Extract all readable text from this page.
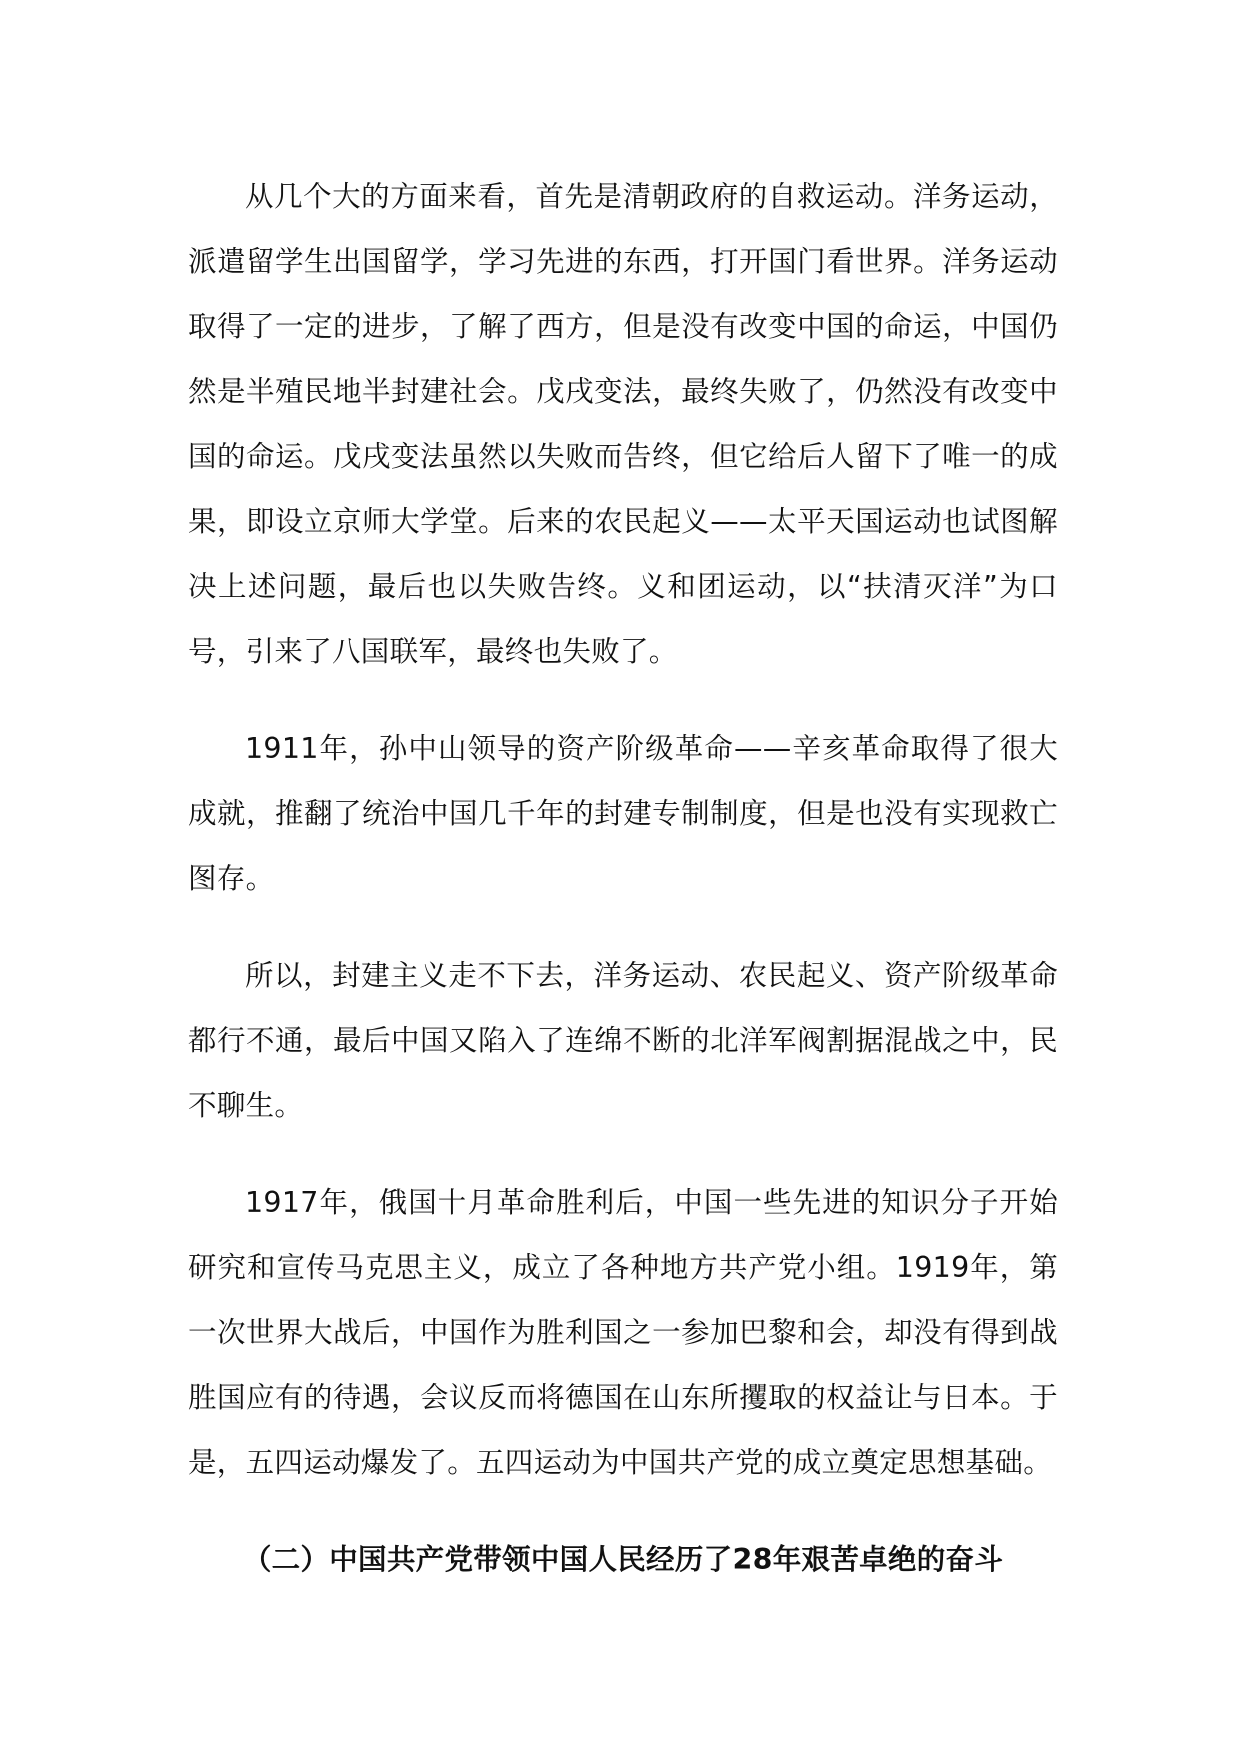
从几个大的方面来看，首先是清朝政府的自救运动。洋务运动，派遣留学生出国留学，学习先进的东西，打开国门看世界。洋务运动取得了一定的进步，了解了西方，但是没有改变中国的命运，中国仍然是半殖民地半封建社会。戊戌变法，最终失败了，仍然没有改变中国的命运。戊戌变法虽然以失败而告终，但它给后人留下了唯一的成果，即设立京师大学堂。后来的农民起义——太平天国运动也试图解决上述问题，最后也以失败告终。义和团运动，以“扶清灭洋”为口号，引来了八国联军，最终也失败了。

1911年，孙中山领导的资产阶级革命——辛亥革命取得了很大成就，推翻了统治中国几千年的封建专制制度，但是也没有实现救亡图存。

所以，封建主义走不下去，洋务运动、农民起义、资产阶级革命都行不通，最后中国又陷入了连绵不断的北洋军阀割据混战之中，民不聊生。

1917年，俄国十月革命胜利后，中国一些先进的知识分子开始研究和宣传马克思主义，成立了各种地方共产党小组。1919年，第一次世界大战后，中国作为胜利国之一参加巴黎和会，却没有得到战胜国应有的待遇，会议反而将德国在山东所攫取的权益让与日本。于是，五四运动爆发了。五四运动为中国共产党的成立奠定思想基础。

（二）中国共产党带领中国人民经历了28年艰苦卓绝的奋斗
